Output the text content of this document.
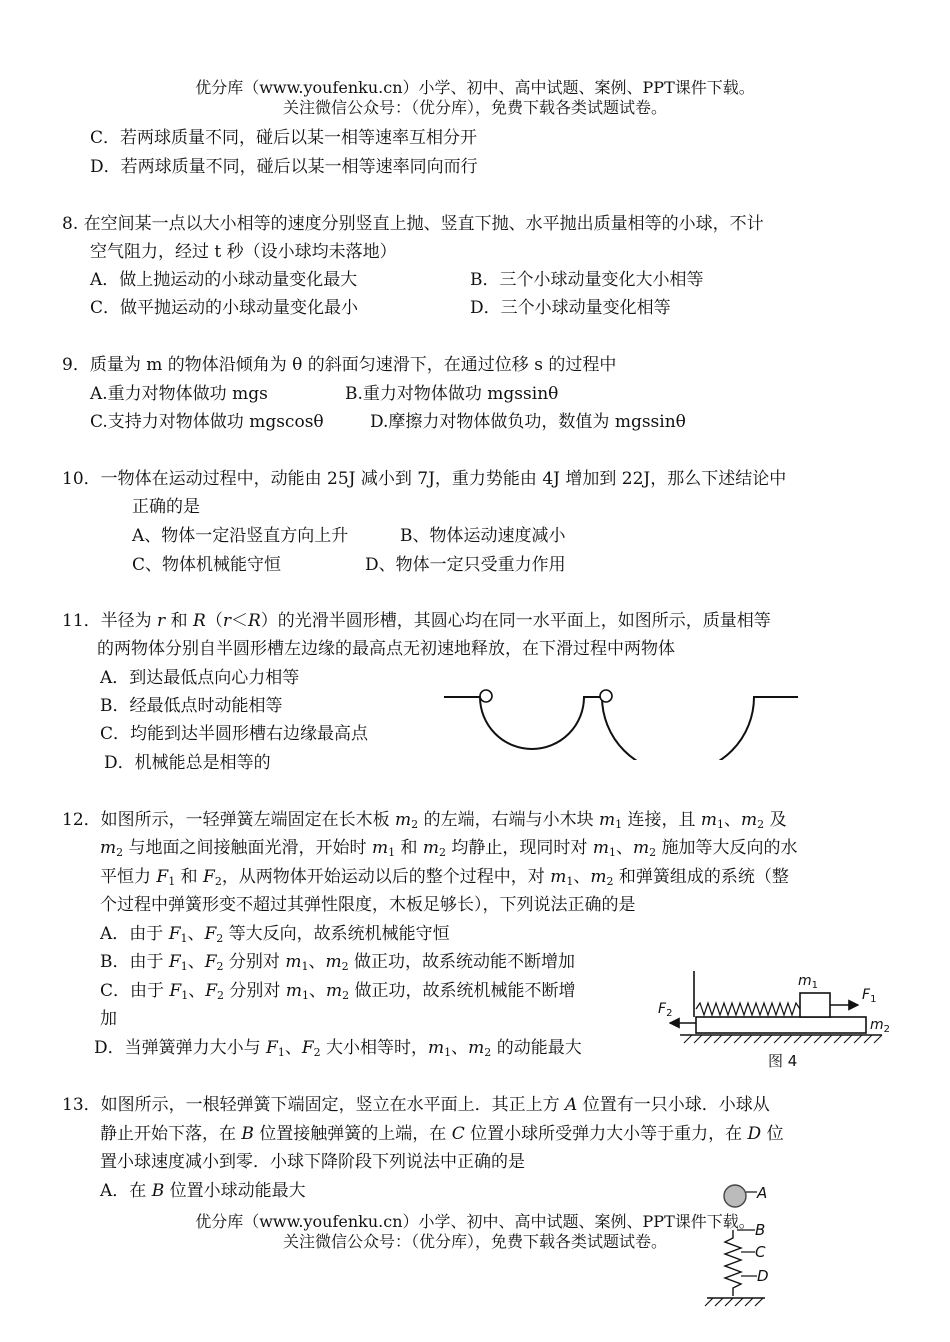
优分库（www.youfenku.cn）小学、初中、高中试题、案例、PPT课件下载。
关注微信公众号：（优分库），免费下载各类试题试卷。
C．若两球质量不同，碰后以某一相等速率互相分开
D．若两球质量不同，碰后以某一相等速率同向而行
8. 在空间某一点以大小相等的速度分别竖直上抛、竖直下抛、水平抛出质量相等的小球，不计
空气阻力，经过 t 秒（设小球均未落地）
A．做上抛运动的小球动量变化最大	B．三个小球动量变化大小相等
C．做平抛运动的小球动量变化最小	D．三个小球动量变化相等
9．质量为 m 的物体沿倾角为 θ 的斜面匀速滑下，在通过位移 s 的过程中
A.重力对物体做功 mgs	B.重力对物体做功 mgssinθ
C.支持力对物体做功 mgscosθ	D.摩擦力对物体做负功，数值为 mgssinθ
10．一物体在运动过程中，动能由 25J 减小到 7J，重力势能由 4J 增加到 22J，那么下述结论中
正确的是
A、物体一定沿竖直方向上升	B、物体运动速度减小
C、物体机械能守恒	D、物体一定只受重力作用
11．半径为 r 和 R（r＜R）的光滑半圆形槽，其圆心均在同一水平面上，如图所示，质量相等
的两物体分别自半圆形槽左边缘的最高点无初速地释放，在下滑过程中两物体
A．到达最低点向心力相等
B．经最低点时动能相等
C．均能到达半圆形槽右边缘最高点
D．机械能总是相等的
12．如图所示，一轻弹簧左端固定在长木板 $m_2$ 的左端，右端与小木块 $m_1$ 连接，且 $m_1$、$m_2$ 及
$m_2$ 与地面之间接触面光滑，开始时 $m_1$ 和 $m_2$ 均静止，现同时对 $m_1$、$m_2$ 施加等大反向的水
平恒力 $F_1$ 和 $F_2$，从两物体开始运动以后的整个过程中，对 $m_1$、$m_2$ 和弹簧组成的系统（整
个过程中弹簧形变不超过其弹性限度，木板足够长），下列说法正确的是
A．由于 $F_1$、$F_2$ 等大反向，故系统机械能守恒
B．由于 $F_1$、$F_2$ 分别对 $m_1$、$m_2$ 做正功，故系统动能不断增加
C．由于 $F_1$、$F_2$ 分别对 $m_1$、$m_2$ 做正功，故系统机械能不断增
加
D．当弹簧弹力大小与 $F_1$、$F_2$ 大小相等时，$m_1$、$m_2$ 的动能最大
$m_1$
$F_1$
$F_2$
$m_2$
图 4
13．如图所示，一根轻弹簧下端固定，竖立在水平面上．其正上方 A 位置有一只小球．小球从
静止开始下落，在 B 位置接触弹簧的上端，在 C 位置小球所受弹力大小等于重力，在 D 位
置小球速度减小到零．小球下降阶段下列说法中正确的是
A．在 B 位置小球动能最大	A
B
C
D
优分库（www.youfenku.cn）小学、初中、高中试题、案例、PPT课件下载。
关注微信公众号：（优分库），免费下载各类试题试卷。
